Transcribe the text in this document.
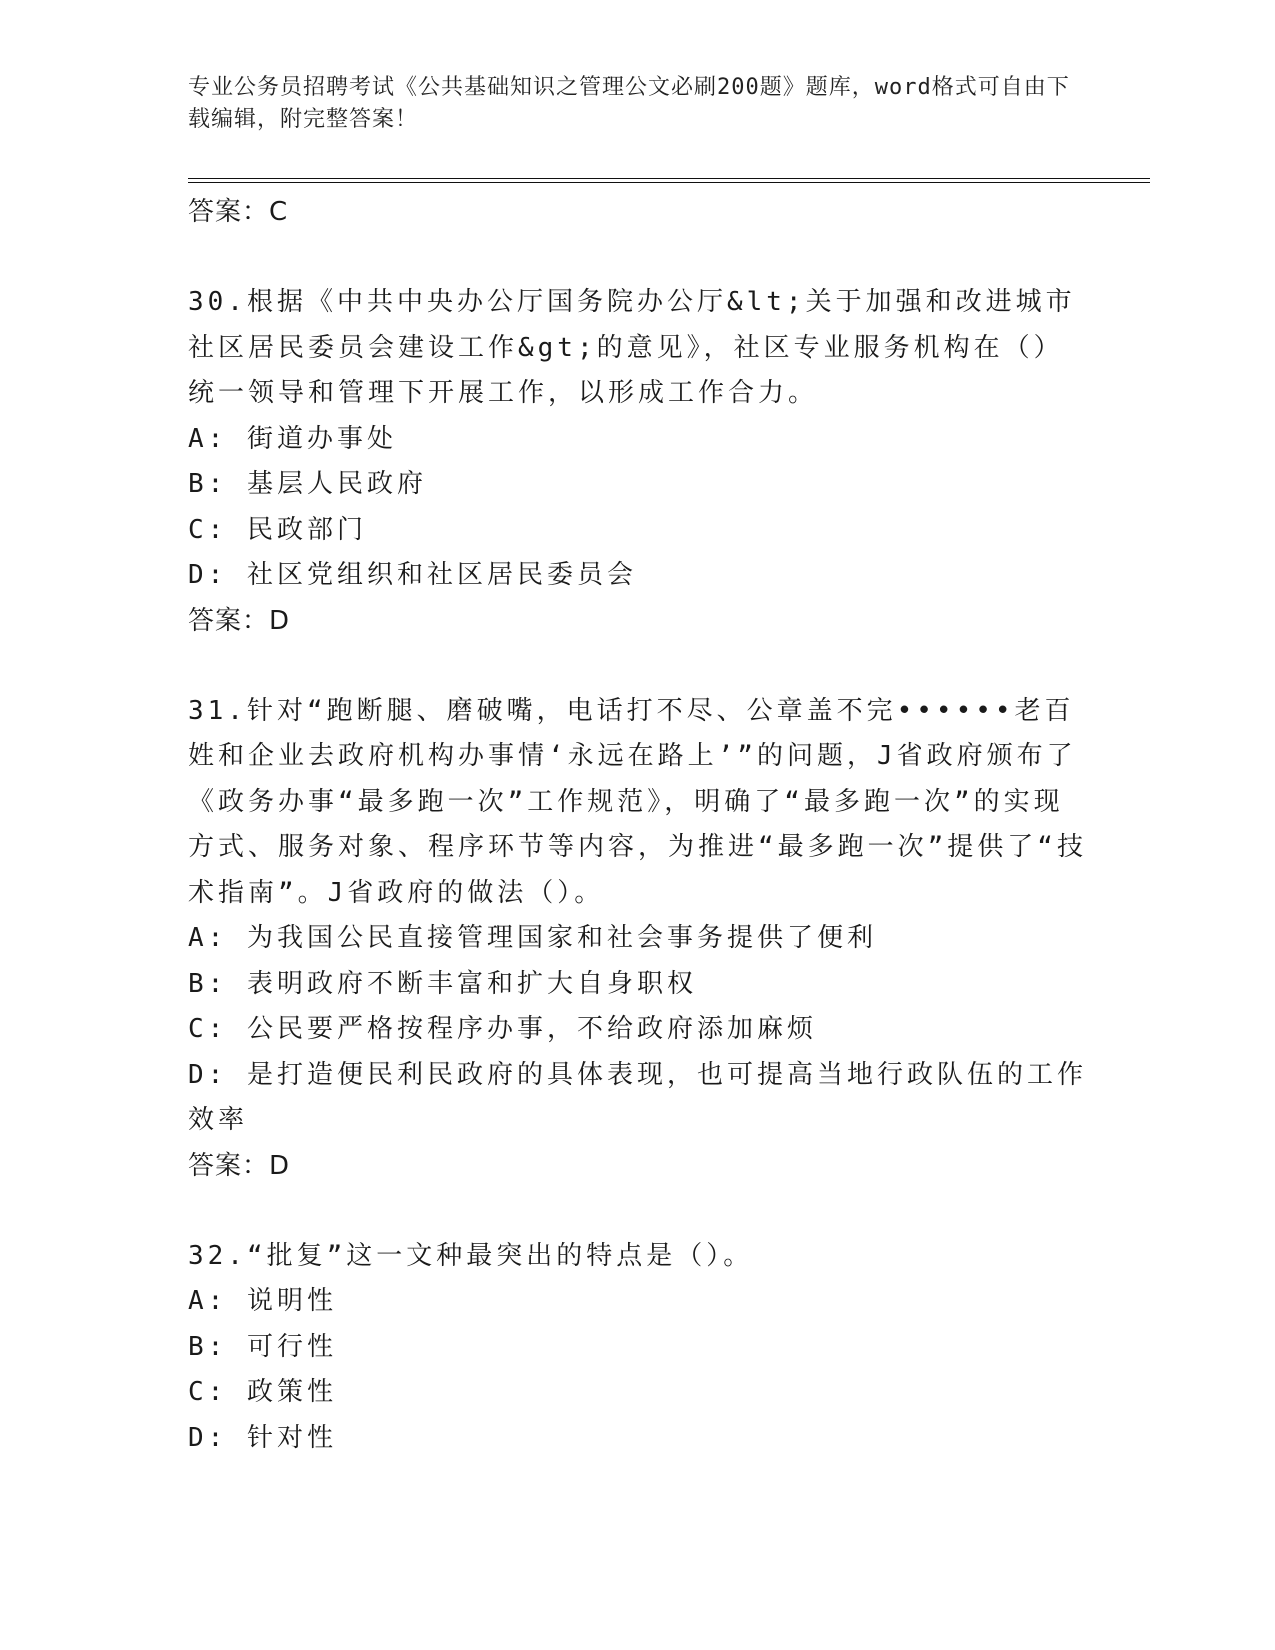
专业公务员招聘考试《公共基础知识之管理公文必刷200题》题库，word格式可自由下载编辑，附完整答案！

答案：C

30.根据《中共中央办公厅国务院办公厅&lt;关于加强和改进城市社区居民委员会建设工作&gt;的意见》，社区专业服务机构在（）统一领导和管理下开展工作，以形成工作合力。

A: 街道办事处

B: 基层人民政府

C: 民政部门

D: 社区党组织和社区居民委员会

答案：D

31.针对“跑断腿、磨破嘴，电话打不尽、公章盖不完••••••老百姓和企业去政府机构办事情‘永远在路上’”的问题，J省政府颁布了《政务办事“最多跑一次”工作规范》，明确了“最多跑一次”的实现方式、服务对象、程序环节等内容，为推进“最多跑一次”提供了“技术指南”。J省政府的做法（）。

A: 为我国公民直接管理国家和社会事务提供了便利

B: 表明政府不断丰富和扩大自身职权

C: 公民要严格按程序办事，不给政府添加麻烦

D: 是打造便民利民政府的具体表现，也可提高当地行政队伍的工作效率

答案：D

32.“批复”这一文种最突出的特点是（）。

A: 说明性

B: 可行性

C: 政策性

D: 针对性
